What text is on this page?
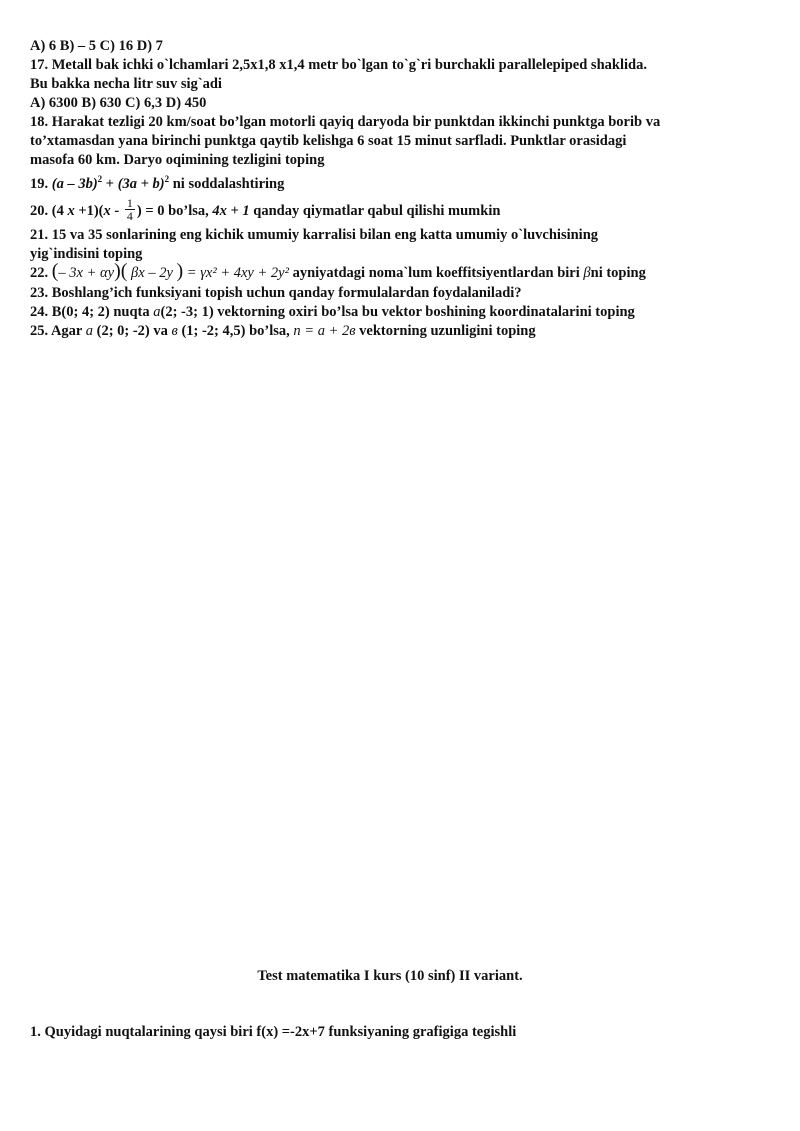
A) 6 B) – 5 C) 16 D) 7
17. Metall bak ichki o`lchamlari 2,5x1,8 x1,4 metr bo`lgan to`g`ri burchakli parallelepiped shaklida.
Bu bakka necha litr suv sig`adi
A) 6300 B) 630 C) 6,3 D) 450
18. Harakat tezligi 20 km/soat bo’lgan motorli qayiq daryoda bir punktdan ikkinchi punktga borib va
to’xtamasdan yana birinchi punktga qaytib kelishga 6 soat 15 minut sarfladi. Punktlar orasidagi
masofa 60 km. Daryo oqimining tezligini toping
19. $(a - 3b)^2 + (3a + b)^2$ ni soddalashtiring
20. (4 $x +1)(x - \frac{1}{4}$ ) = 0 bo’lsa, 4x + 1 qanday qiymatlar qabul qilishi mumkin
21. 15 va 35 sonlarining eng kichik umumiy karralisi bilan eng katta umumiy o`luvchisining
yig`indisini toping
22. (– 3x + αy)( βx – 2y ) = γx² + 4xy + 2y² ayniyatdagi noma`lum koeffitsiyentlardan biri βni toping
23. Boshlang’ich funksiyani topish uchun qanday formulalardan foydalaniladi?
24. B(0; 4; 2) nuqta a(2; -3; 1) vektorning oxiri bo’lsa bu vektor boshining koordinatalarini toping
25. Agar a (2; 0; -2) va в (1; -2; 4,5) bo’lsa, n = a + 2в vektorning uzunligini toping
Test matematika I kurs (10 sinf) II variant.
1. Quyidagi nuqtalarining qaysi biri f(x) =-2x+7 funksiyaning grafigiga tegishli
